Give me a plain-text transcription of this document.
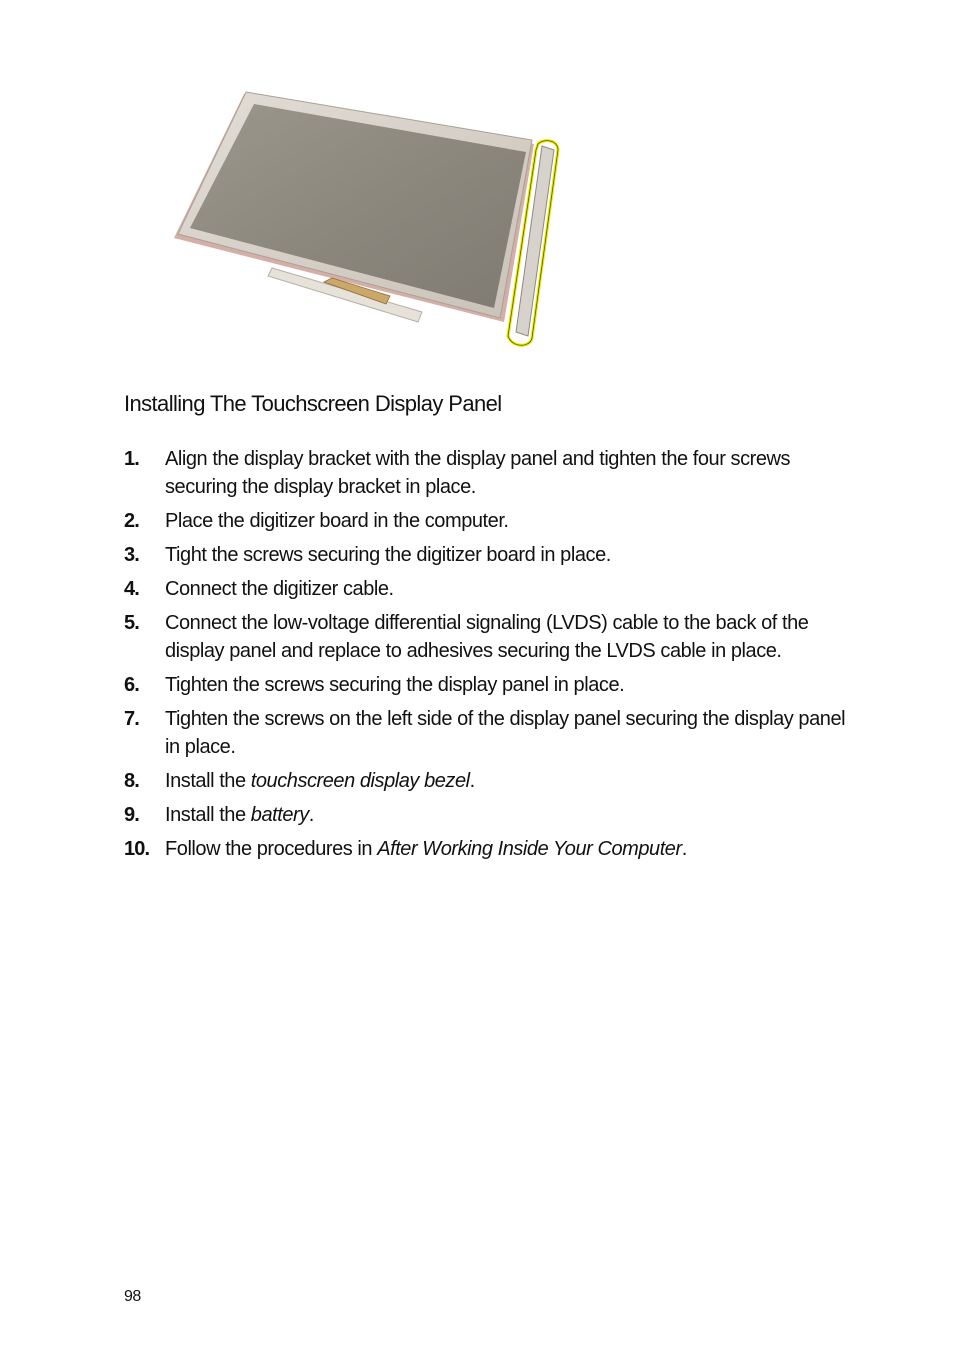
Installing The Touchscreen Display Panel
1. Align the display bracket with the display panel and tighten the four screws securing the display bracket in place.
2. Place the digitizer board in the computer.
3. Tight the screws securing the digitizer board in place.
4. Connect the digitizer cable.
5. Connect the low-voltage differential signaling (LVDS) cable to the back of the display panel and replace to adhesives securing the LVDS cable in place.
6. Tighten the screws securing the display panel in place.
7. Tighten the screws on the left side of the display panel securing the display panel in place.
8. Install the touchscreen display bezel.
9. Install the battery.
10. Follow the procedures in After Working Inside Your Computer.
98
